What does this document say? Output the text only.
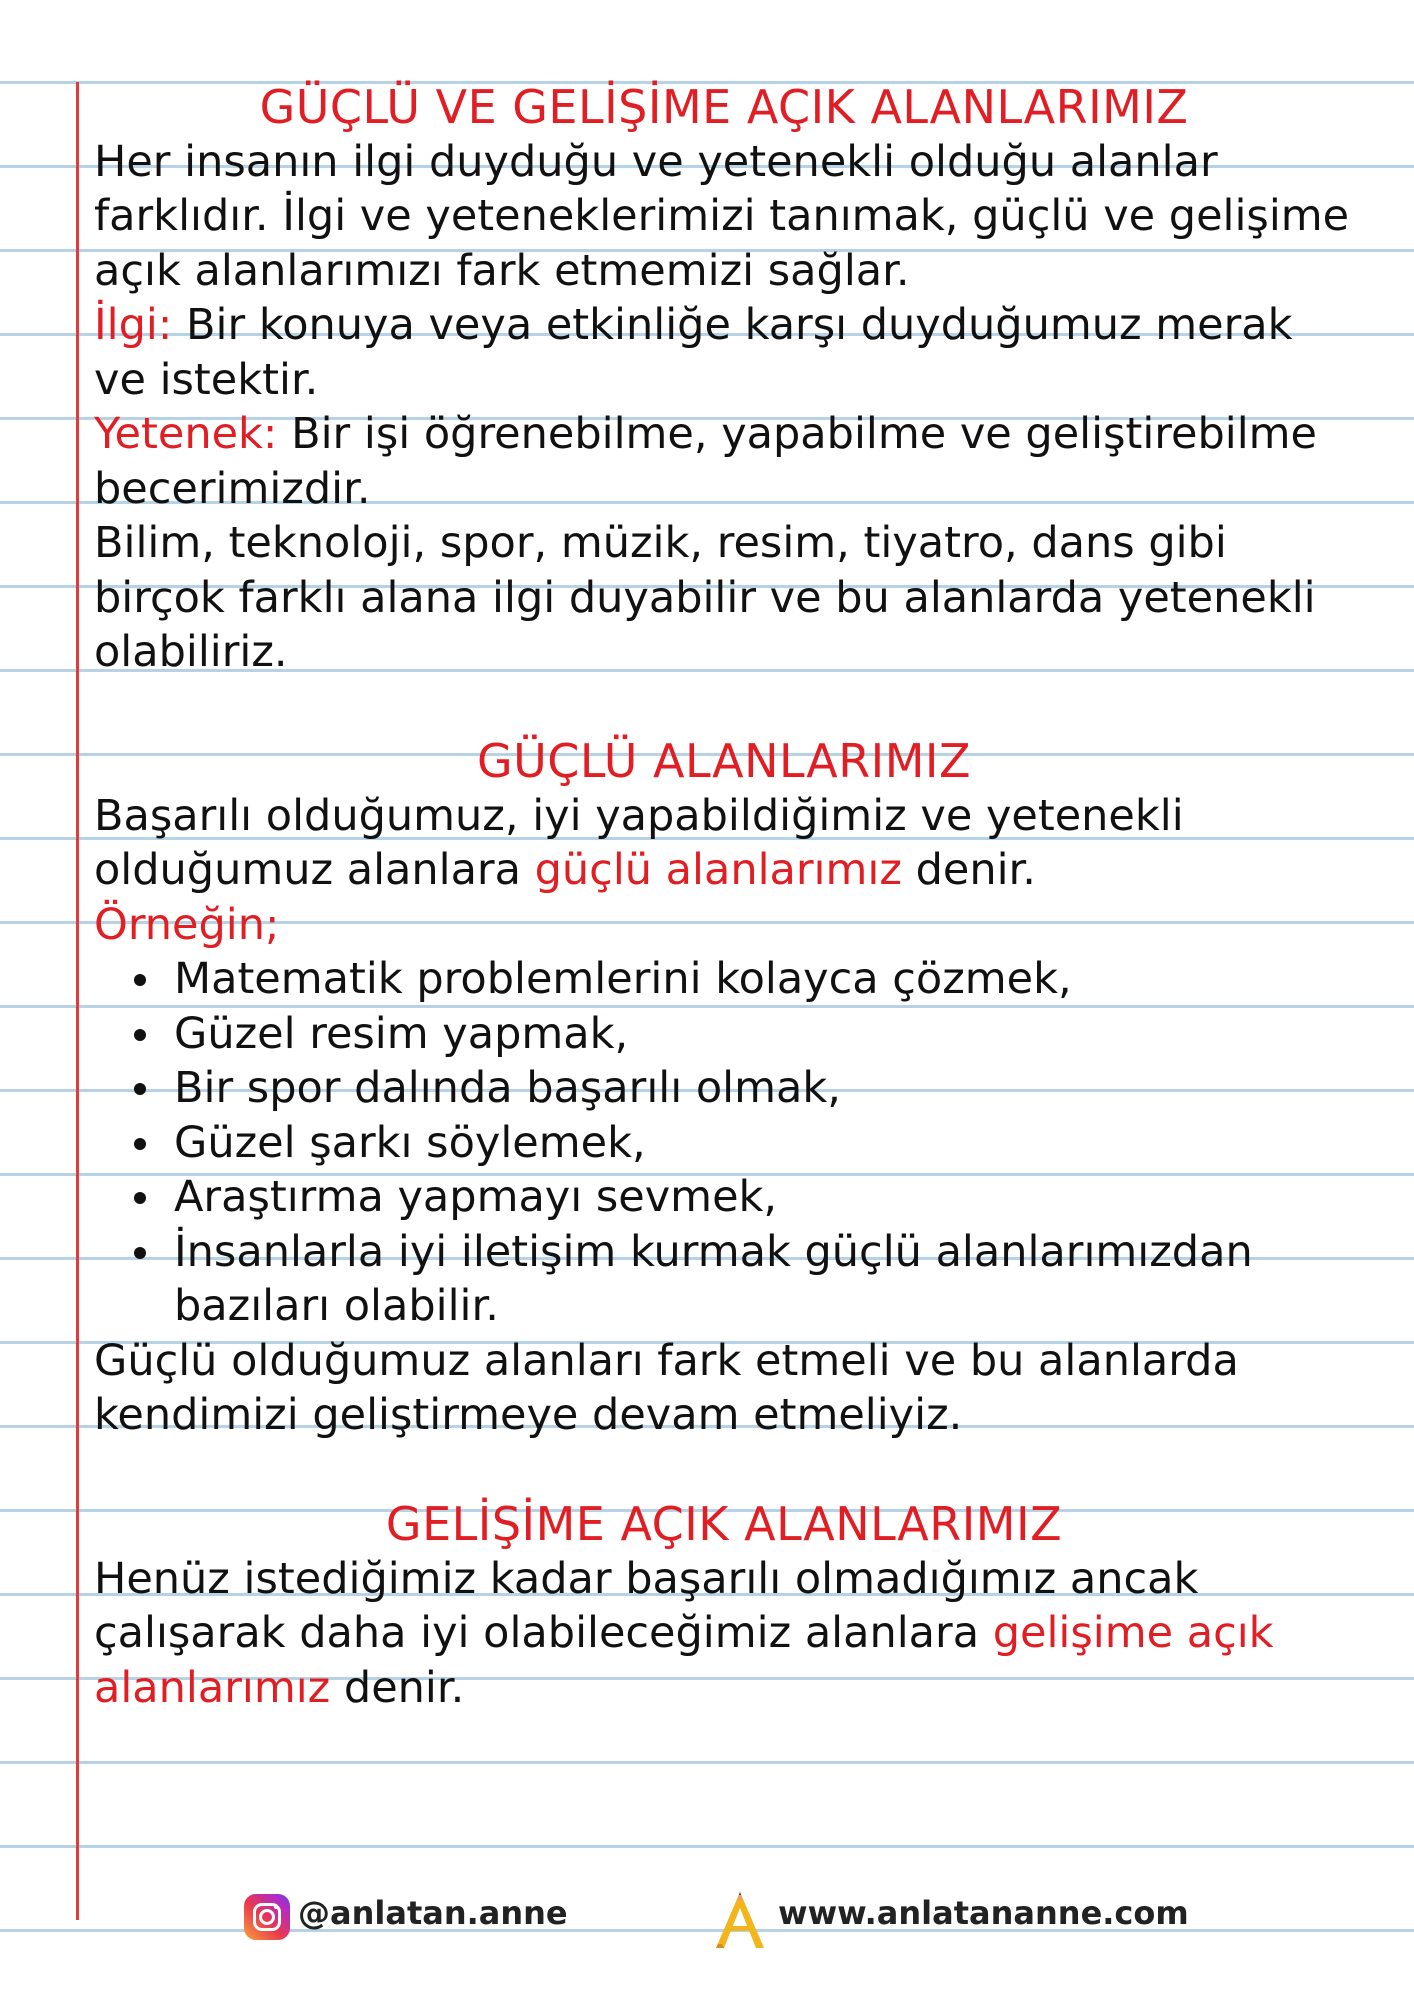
GÜÇLÜ VE GELİŞİME AÇIK ALANLARIMIZ

Her insanın ilgi duyduğu ve yetenekli olduğu alanlar farklıdır. İlgi ve yeteneklerimizi tanımak, güçlü ve gelişime açık alanlarımızı fark etmemizi sağlar.

İlgi: Bir konuya veya etkinliğe karşı duyduğumuz merak ve istektir.

Yetenek: Bir işi öğrenebilme, yapabilme ve geliştirebilme becerimizdir.

Bilim, teknoloji, spor, müzik, resim, tiyatro, dans gibi birçok farklı alana ilgi duyabilir ve bu alanlarda yetenekli olabiliriz.

GÜÇLÜ ALANLARIMIZ

Başarılı olduğumuz, iyi yapabildiğimiz ve yetenekli olduğumuz alanlara güçlü alanlarımız denir.

Örneğin;

Matematik problemlerini kolayca çözmek,
Güzel resim yapmak,
Bir spor dalında başarılı olmak,
Güzel şarkı söylemek,
Araştırma yapmayı sevmek,
İnsanlarla iyi iletişim kurmak güçlü alanlarımızdan bazıları olabilir.

Güçlü olduğumuz alanları fark etmeli ve bu alanlarda kendimizi geliştirmeye devam etmeliyiz.

GELİŞİME AÇIK ALANLARIMIZ

Henüz istediğimiz kadar başarılı olmadığımız ancak çalışarak daha iyi olabileceğimiz alanlara gelişime açık alanlarımız denir.

@anlatan.anne	www.anlatananne.com
